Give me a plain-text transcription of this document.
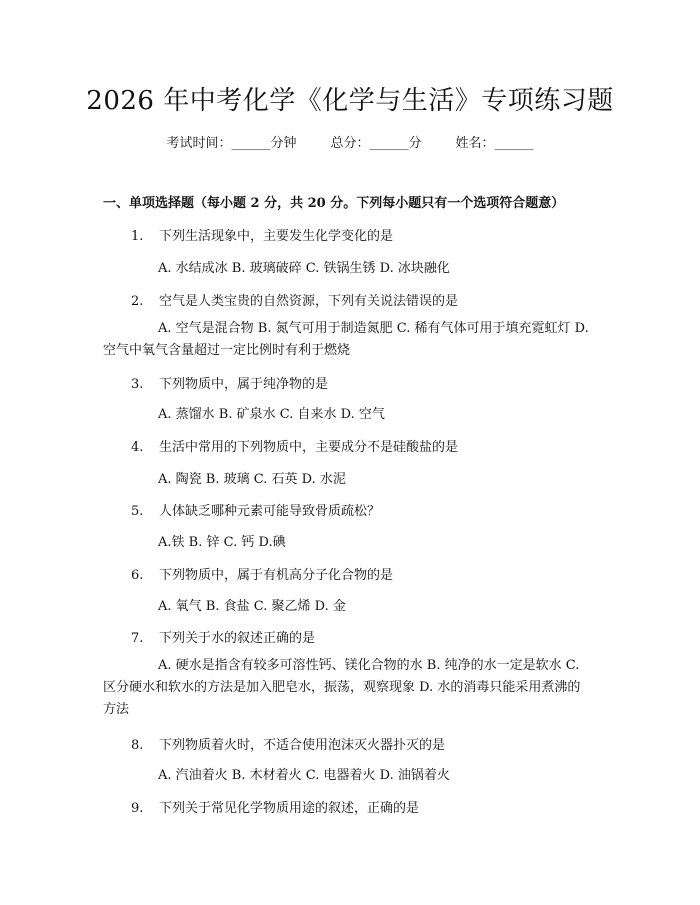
2026 年中考化学《化学与生活》专项练习题
考试时间：______分钟	总分：______分	姓名：______
一、单项选择题（每小题 2 分，共 20 分。下列每小题只有一个选项符合题意）
1. 下列生活现象中，主要发生化学变化的是
A. 水结成冰 B. 玻璃破碎 C. 铁锅生锈 D. 冰块融化
2. 空气是人类宝贵的自然资源，下列有关说法错误的是
A. 空气是混合物 B. 氮气可用于制造氮肥 C. 稀有气体可用于填充霓虹灯 D. 空气中氧气含量超过一定比例时有利于燃烧
3. 下列物质中，属于纯净物的是
A. 蒸馏水 B. 矿泉水 C. 自来水 D. 空气
4. 生活中常用的下列物质中，主要成分不是硅酸盐的是
A. 陶瓷 B. 玻璃 C. 石英 D. 水泥
5. 人体缺乏哪种元素可能导致骨质疏松？
A.铁 B. 锌 C. 钙 D.碘
6. 下列物质中，属于有机高分子化合物的是
A. 氧气 B. 食盐 C. 聚乙烯 D. 金
7. 下列关于水的叙述正确的是
A. 硬水是指含有较多可溶性钙、镁化合物的水 B. 纯净的水一定是软水 C. 区分硬水和软水的方法是加入肥皂水，振荡，观察现象 D. 水的消毒只能采用煮沸的方法
8. 下列物质着火时，不适合使用泡沫灭火器扑灭的是
A. 汽油着火 B. 木材着火 C. 电器着火 D. 油锅着火
9. 下列关于常见化学物质用途的叙述，正确的是
